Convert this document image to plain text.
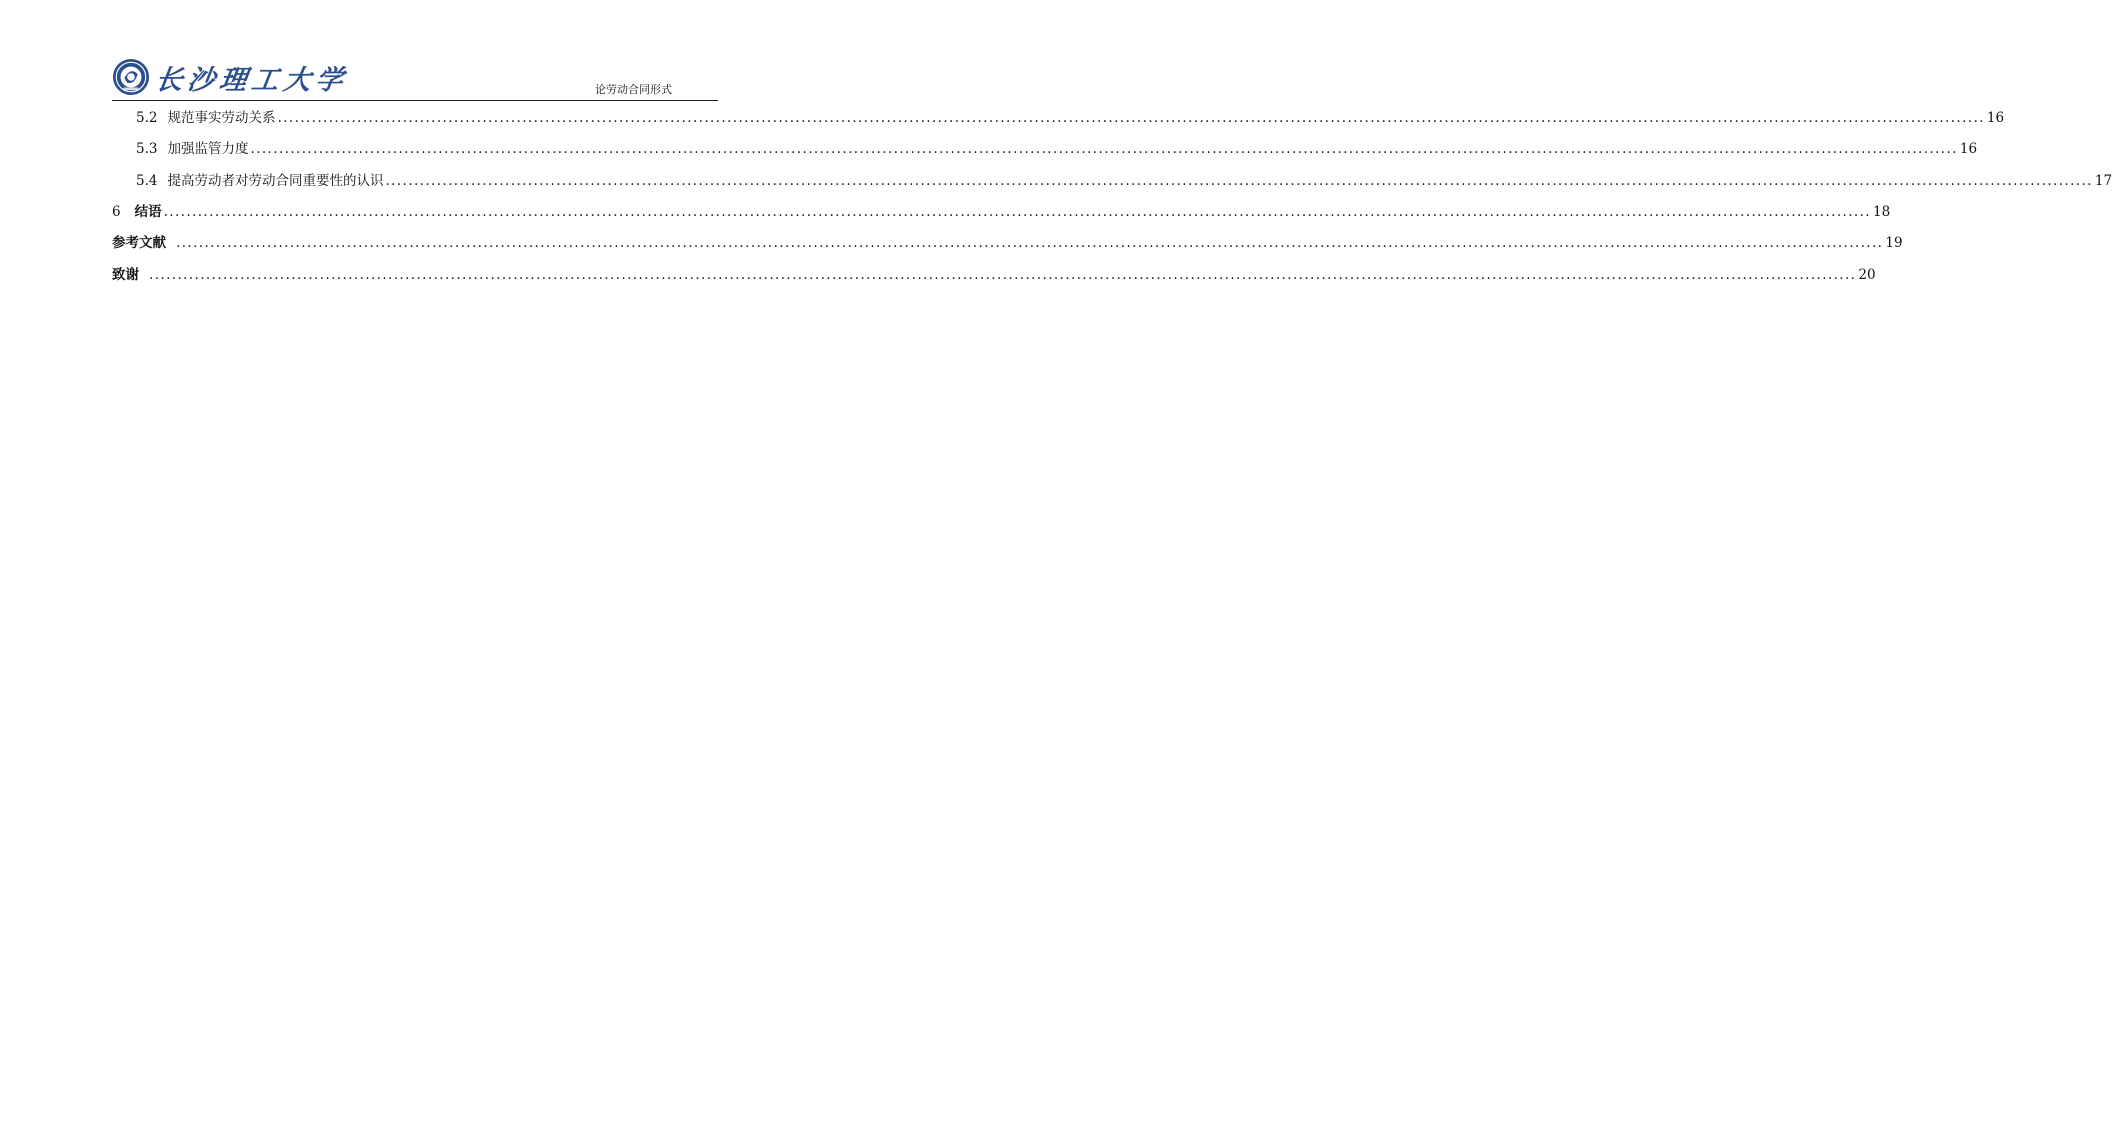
长沙理工大学	论劳动合同形式
5.2 规范事实劳动关系 ............................................................................................................................................................................................................................................................................................................ 16
5.3 加强监管力度 ............................................................................................................................................................................................................................................................................................................ 16
5.4 提高劳动者对劳动合同重要性的认识 ............................................................................................................................................................................................................................................................................................................ 17
6 结语 ............................................................................................................................................................................................................................................................................................................ 18
参考文献 ............................................................................................................................................................................................................................................................................................................ 19
致谢 ............................................................................................................................................................................................................................................................................................................ 20
